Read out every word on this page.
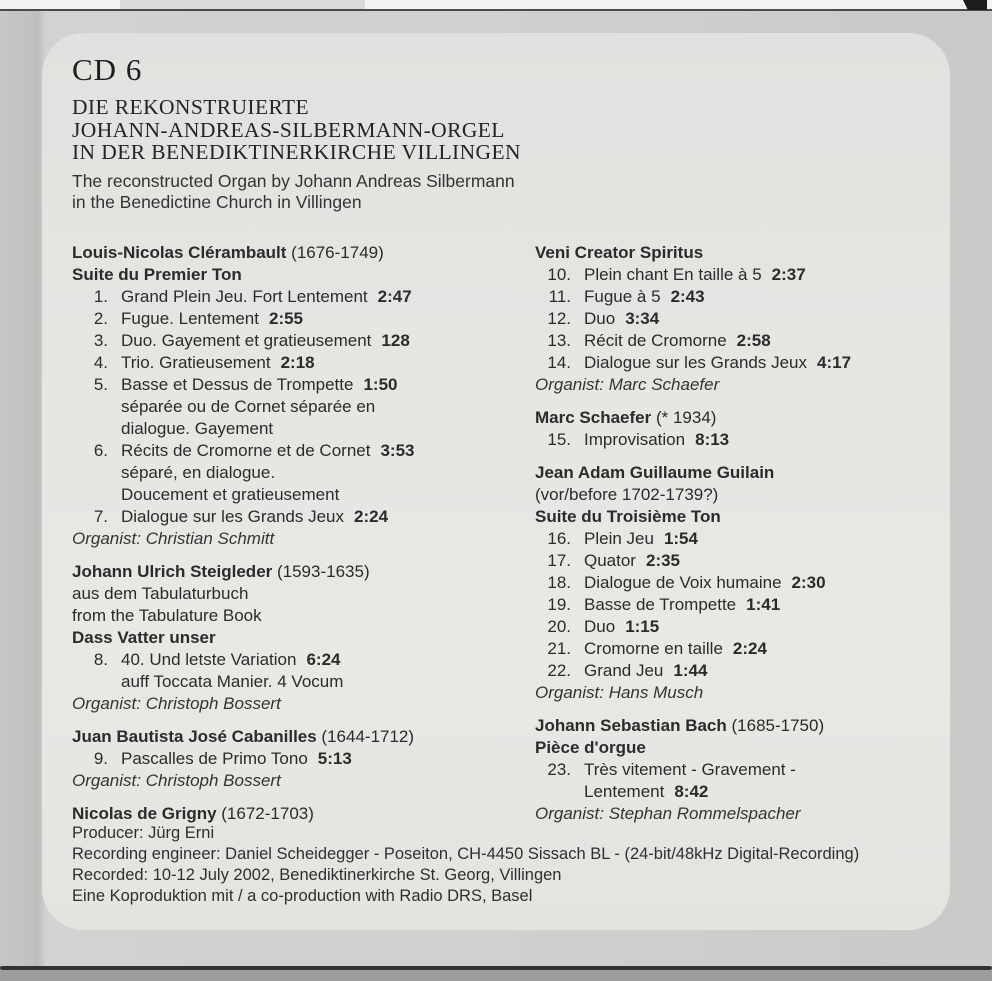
CD 6
DIE REKONSTRUIERTE
JOHANN-ANDREAS-SILBERMANN-ORGEL
IN DER BENEDIKTINERKIRCHE VILLINGEN
The reconstructed Organ by Johann Andreas Silbermann
in the Benedictine Church in Villingen
Louis-Nicolas Clérambault (1676-1749)
Suite du Premier Ton
1. Grand Plein Jeu. Fort Lentement 2:47
2. Fugue. Lentement 2:55
3. Duo. Gayement et gratieusement 128
4. Trio. Gratieusement 2:18
5. Basse et Dessus de Trompette 1:50
séparée ou de Cornet séparée en
dialogue. Gayement
6. Récits de Cromorne et de Cornet 3:53
séparé, en dialogue.
Doucement et gratieusement
7. Dialogue sur les Grands Jeux 2:24
Organist: Christian Schmitt
Johann Ulrich Steigleder (1593-1635)
aus dem Tabulaturbuch
from the Tabulature Book
Dass Vatter unser
8. 40. Und letste Variation 6:24
auff Toccata Manier. 4 Vocum
Organist: Christoph Bossert
Juan Bautista José Cabanilles (1644-1712)
9. Pascalles de Primo Tono 5:13
Organist: Christoph Bossert
Nicolas de Grigny (1672-1703)
Veni Creator Spiritus
10. Plein chant En taille à 5 2:37
11. Fugue à 5 2:43
12. Duo 3:34
13. Récit de Cromorne 2:58
14. Dialogue sur les Grands Jeux 4:17
Organist: Marc Schaefer
Marc Schaefer (* 1934)
15. Improvisation 8:13
Jean Adam Guillaume Guilain
(vor/before 1702-1739?)
Suite du Troisième Ton
16. Plein Jeu 1:54
17. Quator 2:35
18. Dialogue de Voix humaine 2:30
19. Basse de Trompette 1:41
20. Duo 1:15
21. Cromorne en taille 2:24
22. Grand Jeu 1:44
Organist: Hans Musch
Johann Sebastian Bach (1685-1750)
Pièce d'orgue
23. Très vitement - Gravement -
Lentement 8:42
Organist: Stephan Rommelspacher
Producer: Jürg Erni
Recording engineer: Daniel Scheidegger - Poseiton, CH-4450 Sissach BL - (24-bit/48kHz Digital-Recording)
Recorded: 10-12 July 2002, Benediktinerkirche St. Georg, Villingen
Eine Koproduktion mit / a co-production with Radio DRS, Basel
